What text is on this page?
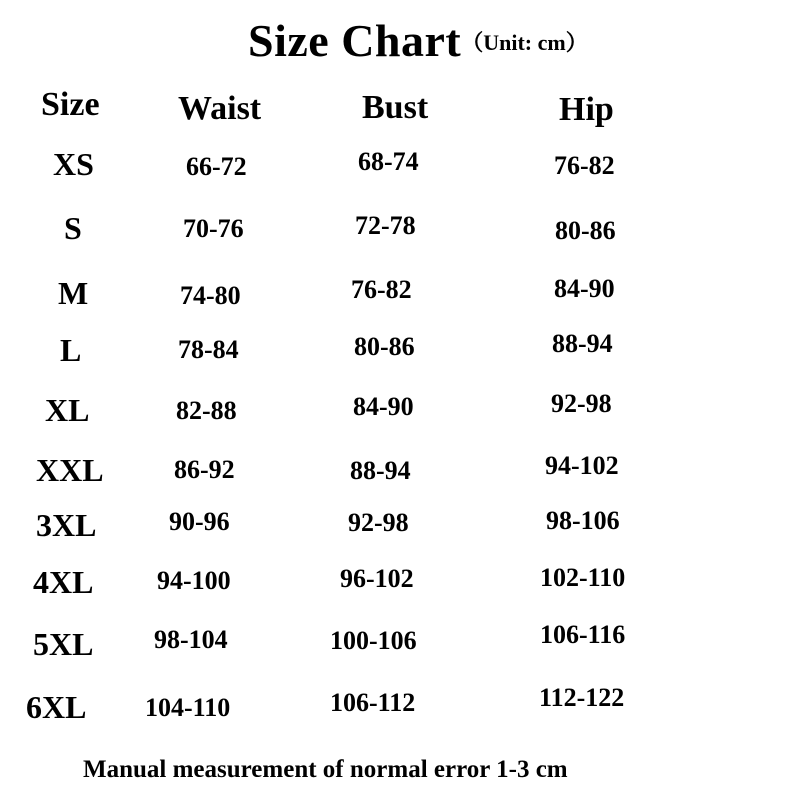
Size Chart（Unit: cm）
Size Waist	Bust	Hip
XS	66-72	68-74	76-82
S	70-76	72-78	80-86
M	74-80	76-82	84-90
L	78-84	80-86	88-94
XL	82-88	84-90	92-98
XXL	86-92	88-94	94-102
3XL	90-96	92-98	98-106
4XL 94-100	96-102	102-110
5XL 98-104	100-106	106-116
6XL 104-110	106-112	112-122
Manual measurement of normal error 1-3 cm
